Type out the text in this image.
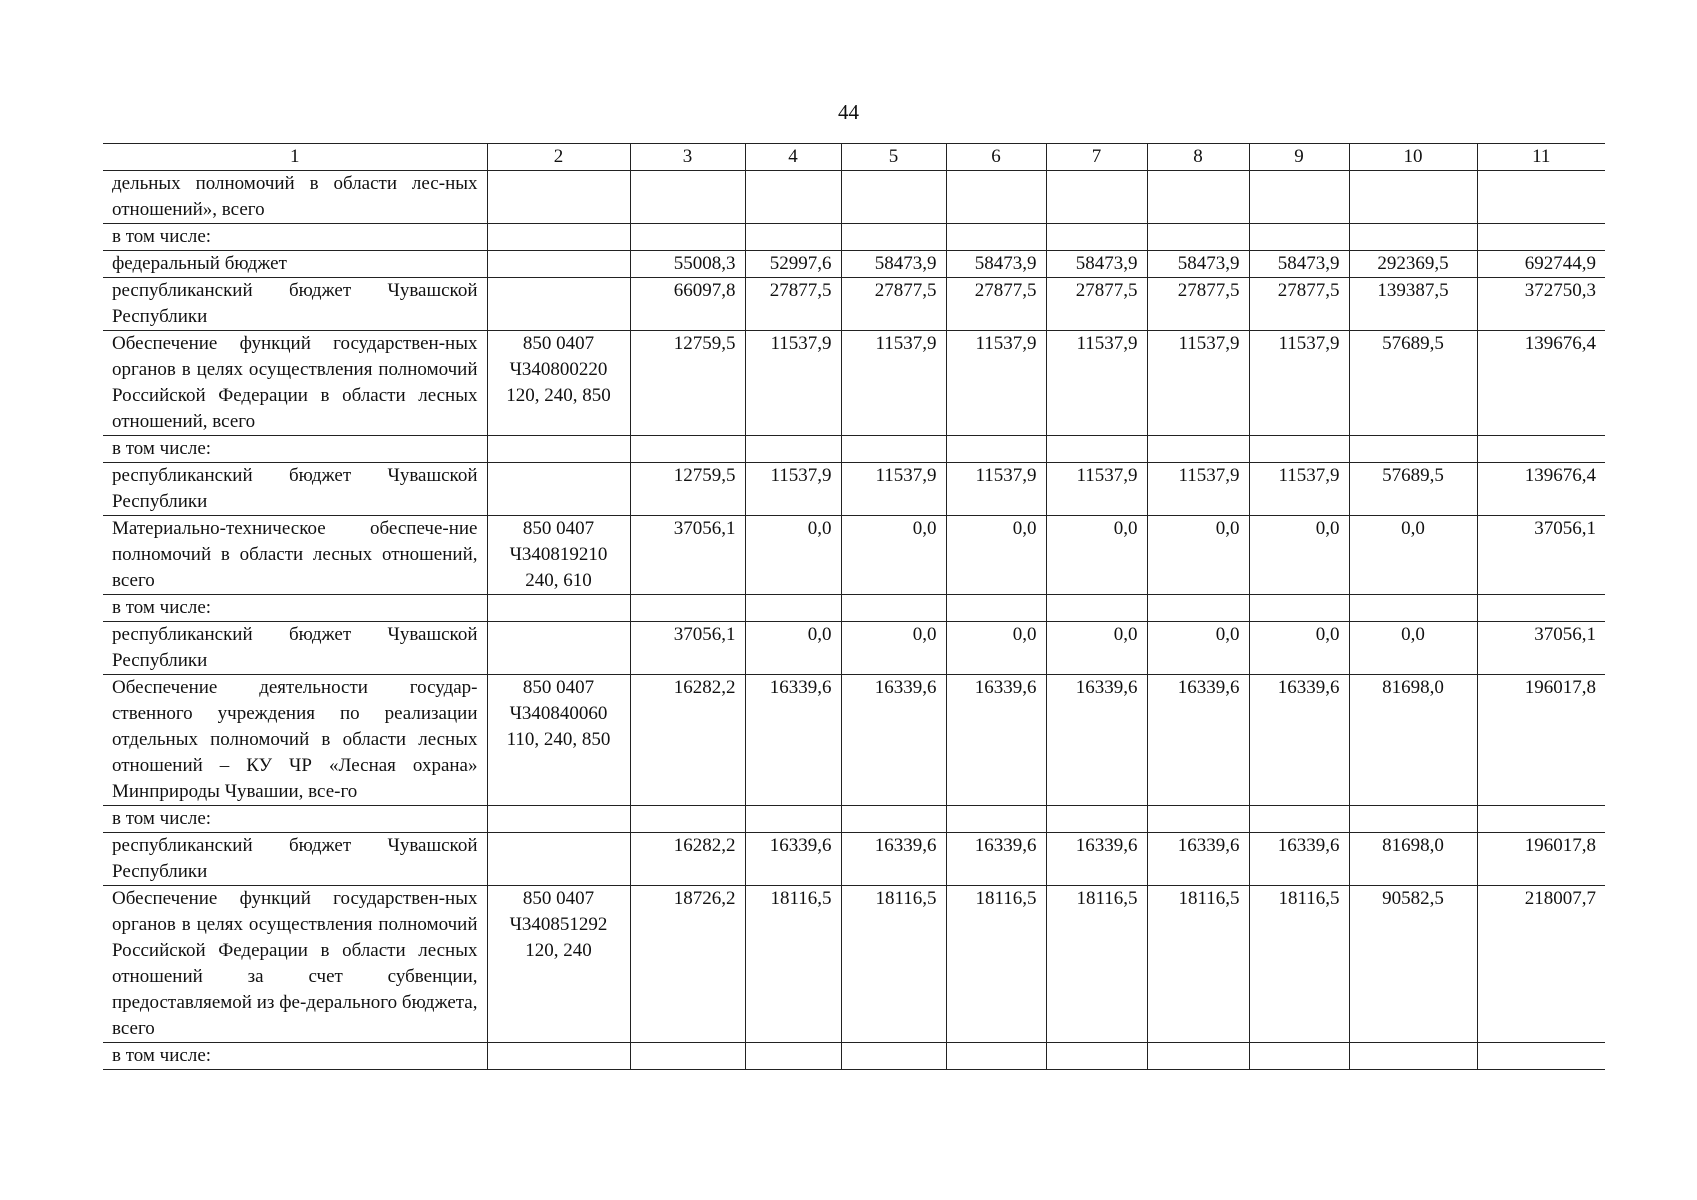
44
1	2	3	4	5	6	7	8	9	10	11
дельных полномочий в области лес-ных отношений», всего										
в том числе:										
федеральный бюджет		55008,3	52997,6	58473,9	58473,9	58473,9	58473,9	58473,9	292369,5	692744,9
республиканский бюджет Чувашской Республики		66097,8	27877,5	27877,5	27877,5	27877,5	27877,5	27877,5	139387,5	372750,3
Обеспечение функций государствен-ных органов в целях осуществления полномочий Российской Федерации в области лесных отношений, всего	850 0407 Ч340800220 120, 240, 850	12759,5	11537,9	11537,9	11537,9	11537,9	11537,9	11537,9	57689,5	139676,4
в том числе:										
республиканский бюджет Чувашской Республики		12759,5	11537,9	11537,9	11537,9	11537,9	11537,9	11537,9	57689,5	139676,4
Материально-техническое обеспече-ние полномочий в области лесных отношений, всего	850 0407 Ч340819210 240, 610	37056,1	0,0	0,0	0,0	0,0	0,0	0,0	0,0	37056,1
в том числе:										
республиканский бюджет Чувашской Республики		37056,1	0,0	0,0	0,0	0,0	0,0	0,0	0,0	37056,1
Обеспечение деятельности государ-ственного учреждения по реализации отдельных полномочий в области лесных отношений – КУ ЧР «Лесная охрана» Минприроды Чувашии, все-го	850 0407 Ч340840060 110, 240, 850	16282,2	16339,6	16339,6	16339,6	16339,6	16339,6	16339,6	81698,0	196017,8
в том числе:										
республиканский бюджет Чувашской Республики		16282,2	16339,6	16339,6	16339,6	16339,6	16339,6	16339,6	81698,0	196017,8
Обеспечение функций государствен-ных органов в целях осуществления полномочий Российской Федерации в области лесных отношений за счет субвенции, предоставляемой из фе-дерального бюджета, всего	850 0407 Ч340851292 120, 240	18726,2	18116,5	18116,5	18116,5	18116,5	18116,5	18116,5	90582,5	218007,7
в том числе:										
